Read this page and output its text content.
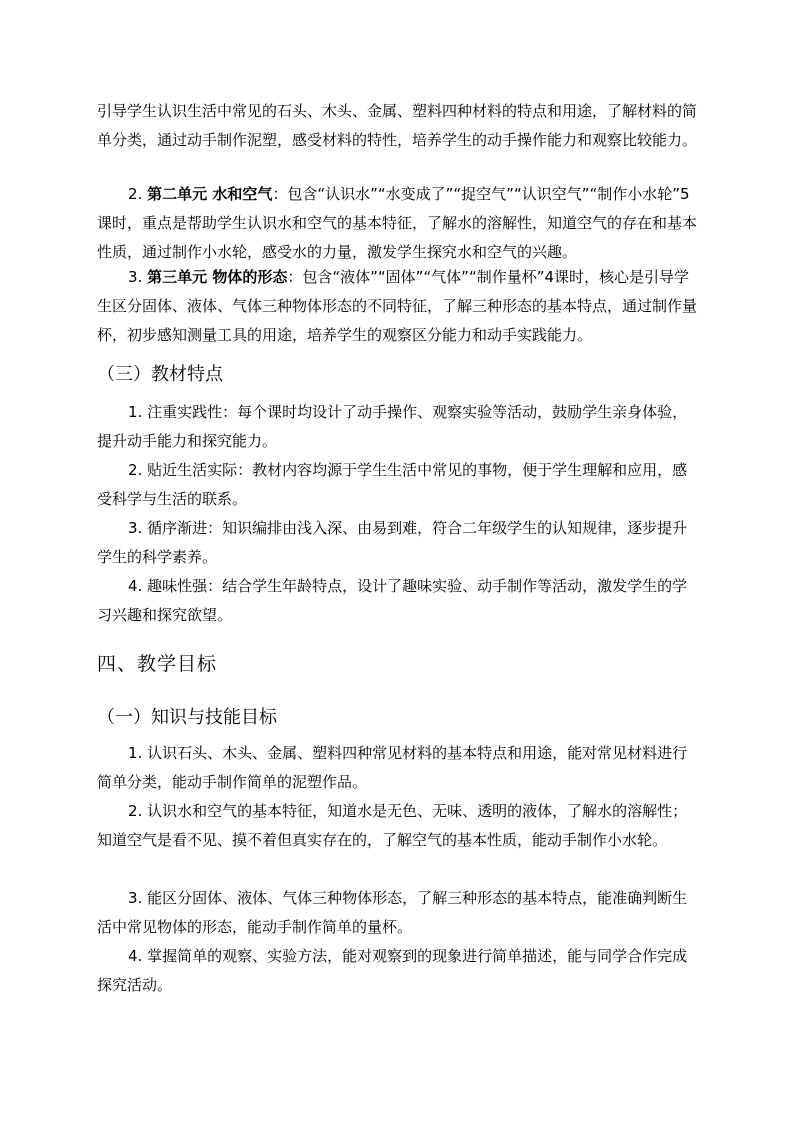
引导学生认识生活中常见的石头、木头、金属、塑料四种材料的特点和用途，了解材料的简单分类，通过动手制作泥塑，感受材料的特性，培养学生的动手操作能力和观察比较能力。

2. 第二单元 水和空气：包含“认识水”“水变成了”“捉空气”“认识空气”“制作小水轮”5课时，重点是帮助学生认识水和空气的基本特征，了解水的溶解性，知道空气的存在和基本性质，通过制作小水轮，感受水的力量，激发学生探究水和空气的兴趣。

3. 第三单元 物体的形态：包含“液体”“固体”“气体”“制作量杯”4课时，核心是引导学生区分固体、液体、气体三种物体形态的不同特征，了解三种形态的基本特点，通过制作量杯，初步感知测量工具的用途，培养学生的观察区分能力和动手实践能力。

（三）教材特点

1. 注重实践性：每个课时均设计了动手操作、观察实验等活动，鼓励学生亲身体验，提升动手能力和探究能力。

2. 贴近生活实际：教材内容均源于学生生活中常见的事物，便于学生理解和应用，感受科学与生活的联系。

3. 循序渐进：知识编排由浅入深、由易到难，符合二年级学生的认知规律，逐步提升学生的科学素养。

4. 趣味性强：结合学生年龄特点，设计了趣味实验、动手制作等活动，激发学生的学习兴趣和探究欲望。

四、教学目标
（一）知识与技能目标

1. 认识石头、木头、金属、塑料四种常见材料的基本特点和用途，能对常见材料进行简单分类，能动手制作简单的泥塑作品。

2. 认识水和空气的基本特征，知道水是无色、无味、透明的液体，了解水的溶解性；知道空气是看不见、摸不着但真实存在的，了解空气的基本性质，能动手制作小水轮。

3. 能区分固体、液体、气体三种物体形态，了解三种形态的基本特点，能准确判断生活中常见物体的形态，能动手制作简单的量杯。

4. 掌握简单的观察、实验方法，能对观察到的现象进行简单描述，能与同学合作完成探究活动。
